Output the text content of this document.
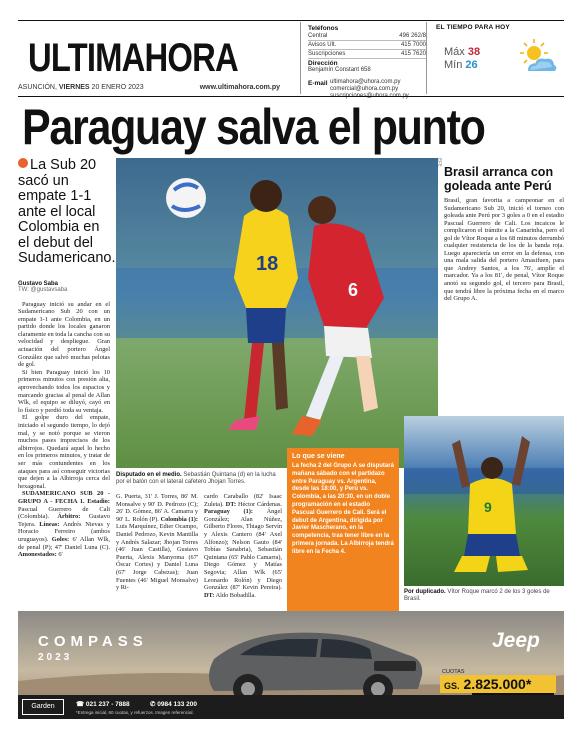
ULTIMAHORA
ASUNCIÓN, VIERNES 20 ENERO 2023	www.ultimahora.com.py
Teléfonos
Central	496 262/8
Avisos Ult.	415 7000
Suscripciones	415 7620
Dirección
Benjamín Constant 658
E-mail ultimahora@uhora.com.py
comercial@uhora.com.py
EL TIEMPO PARA HOY
Máx 38
Mín 26
Paraguay salva el punto
La Sub 20 sacó un empate 1-1 ante el local Colombia en el debut del Sudamericano.
Gustavo Saba
TW: @gustavsaba

Paraguay inició su andar en el Sudamericano Sub 20 con un empate 1-1 ante Colombia, en un partido donde los locales ganaron claramente en toda la cancha con su velocidad y despliegue. Gran actuación del portero Ángel González que salvó muchas pelotas de gol.

Si bien Paraguay inició los 10 primeros minutos con presión alta, aprovechando todos los espacios y marcando gracias al penal de Allan Wlk, el equipo se diluyó, cayó en lo físico y perdió toda su ventaja.

El golpe duro del empate, iniciado el segundo tiempo, lo dejó mal, y se notó porque se vieron muchos pases imprecisos de los albirrojos. Quedará aquel lo hecho en los primeros minutos, y tratar de ser más contundentes en los ataques para así conseguir victorias que dejen a la Albirroja cerca del hexagonal.

SUDAMERICANO SUB 20 - GRUPO A - FECHA 1. Estadio: Pascual Guerrero de Cali (Colombia). Árbitro: Gustavo Tejera. Líneas: Andrés Nievas y Horacio Ferreiro (ambos uruguayos). Goles: 6' Allan Wlk, de penal (P); 47' Daniel Luna (C). Amonestados: 6'

18
6
EFE
Disputado en el medio. Sebastián Quintana (d) en la lucha por el balón con el lateral cafetero Jhojan Torres.
G. Puerta, 31' J. Torres, 86' M. Monsalve y 90' D. Pedrozo (C); 26' D. Gómez, 86' A. Camarra y 90' L. Rolón (P). Colombia (1): Luis Marquínez, Edier Ocampo, Daniel Pedrozo, Kevin Mantilla y Andrés Salazar; Jhojan Torres (46' Juan Castilla), Gustavo Puerta, Alexis Manyoma (67' Óscar Cortes) y Daniel Luna (67' Jorge Cabezas); Juan Fuentes (46' Miguel Monsalve) y Ri-
cardo Caraballo (82' Isaac Zuleta). DT: Héctor Cárdenas. Paraguay (1): Ángel González; Alan Núñez, Gilberto Flores, Thiago Servín y Alexis Cantero (84' Axel Alfonzo); Nelson Gauto (84' Tobías Sanabria), Sebastián Quintana (65' Pablo Camarra), Diego Gómez y Matías Segovia; Allan Wlk (65' Leonardo Rolón) y Diego González (87' Kevin Pereira). DT: Aldo Bobadilla.
Lo que se viene
La fecha 2 del Grupo A se disputará mañana sábado con el partidazo entre Paraguay vs. Argentina, desde las 18:00, y Perú vs. Colombia, a las 20:30, en un doble programación en el estadio Pascual Guerrero de Cali. Será el debut de Argentina, dirigida por Javier Mascherano, en la competencia, tras tener libre en la primera jornada. La Albirroja tendrá libre en la Fecha 4.
Brasil arranca con goleada ante Perú
Brasil, gran favorita a campeonar en el Sudamericano Sub 20, inició el torneo con goleada ante Perú por 3 goles a 0 en el estadio Pascual Guerrero de Cali. Los incaicos le complicaron el trámite a la Canarinha, pero el gol de Vítor Roque a los 68 minutos derrumbó cualquier resistencia de los de la banda roja. Luego apareciería un error en la defensa, con una mala salida del portero Amasifuen, para que Andrey Santos, a los 76', amplíe el marcador. Ya a los 81', de penal, Vítor Roque anotó su segundo gol, el tercero para Brasil, que tendrá libre la próxima fecha en el marco del Grupo A.
9
Por duplicado. Vítor Roque marcó 2 de los 3 goles de Brasil.
COMPASS
2023
Jeep
CUOTAS
GS. 2.825.000*
Garden	☎ 021 237 - 7888	✆ 0984 133 200
*Entrega inicial, 60 cuotas, y refuerzos. Imagen referencial.
